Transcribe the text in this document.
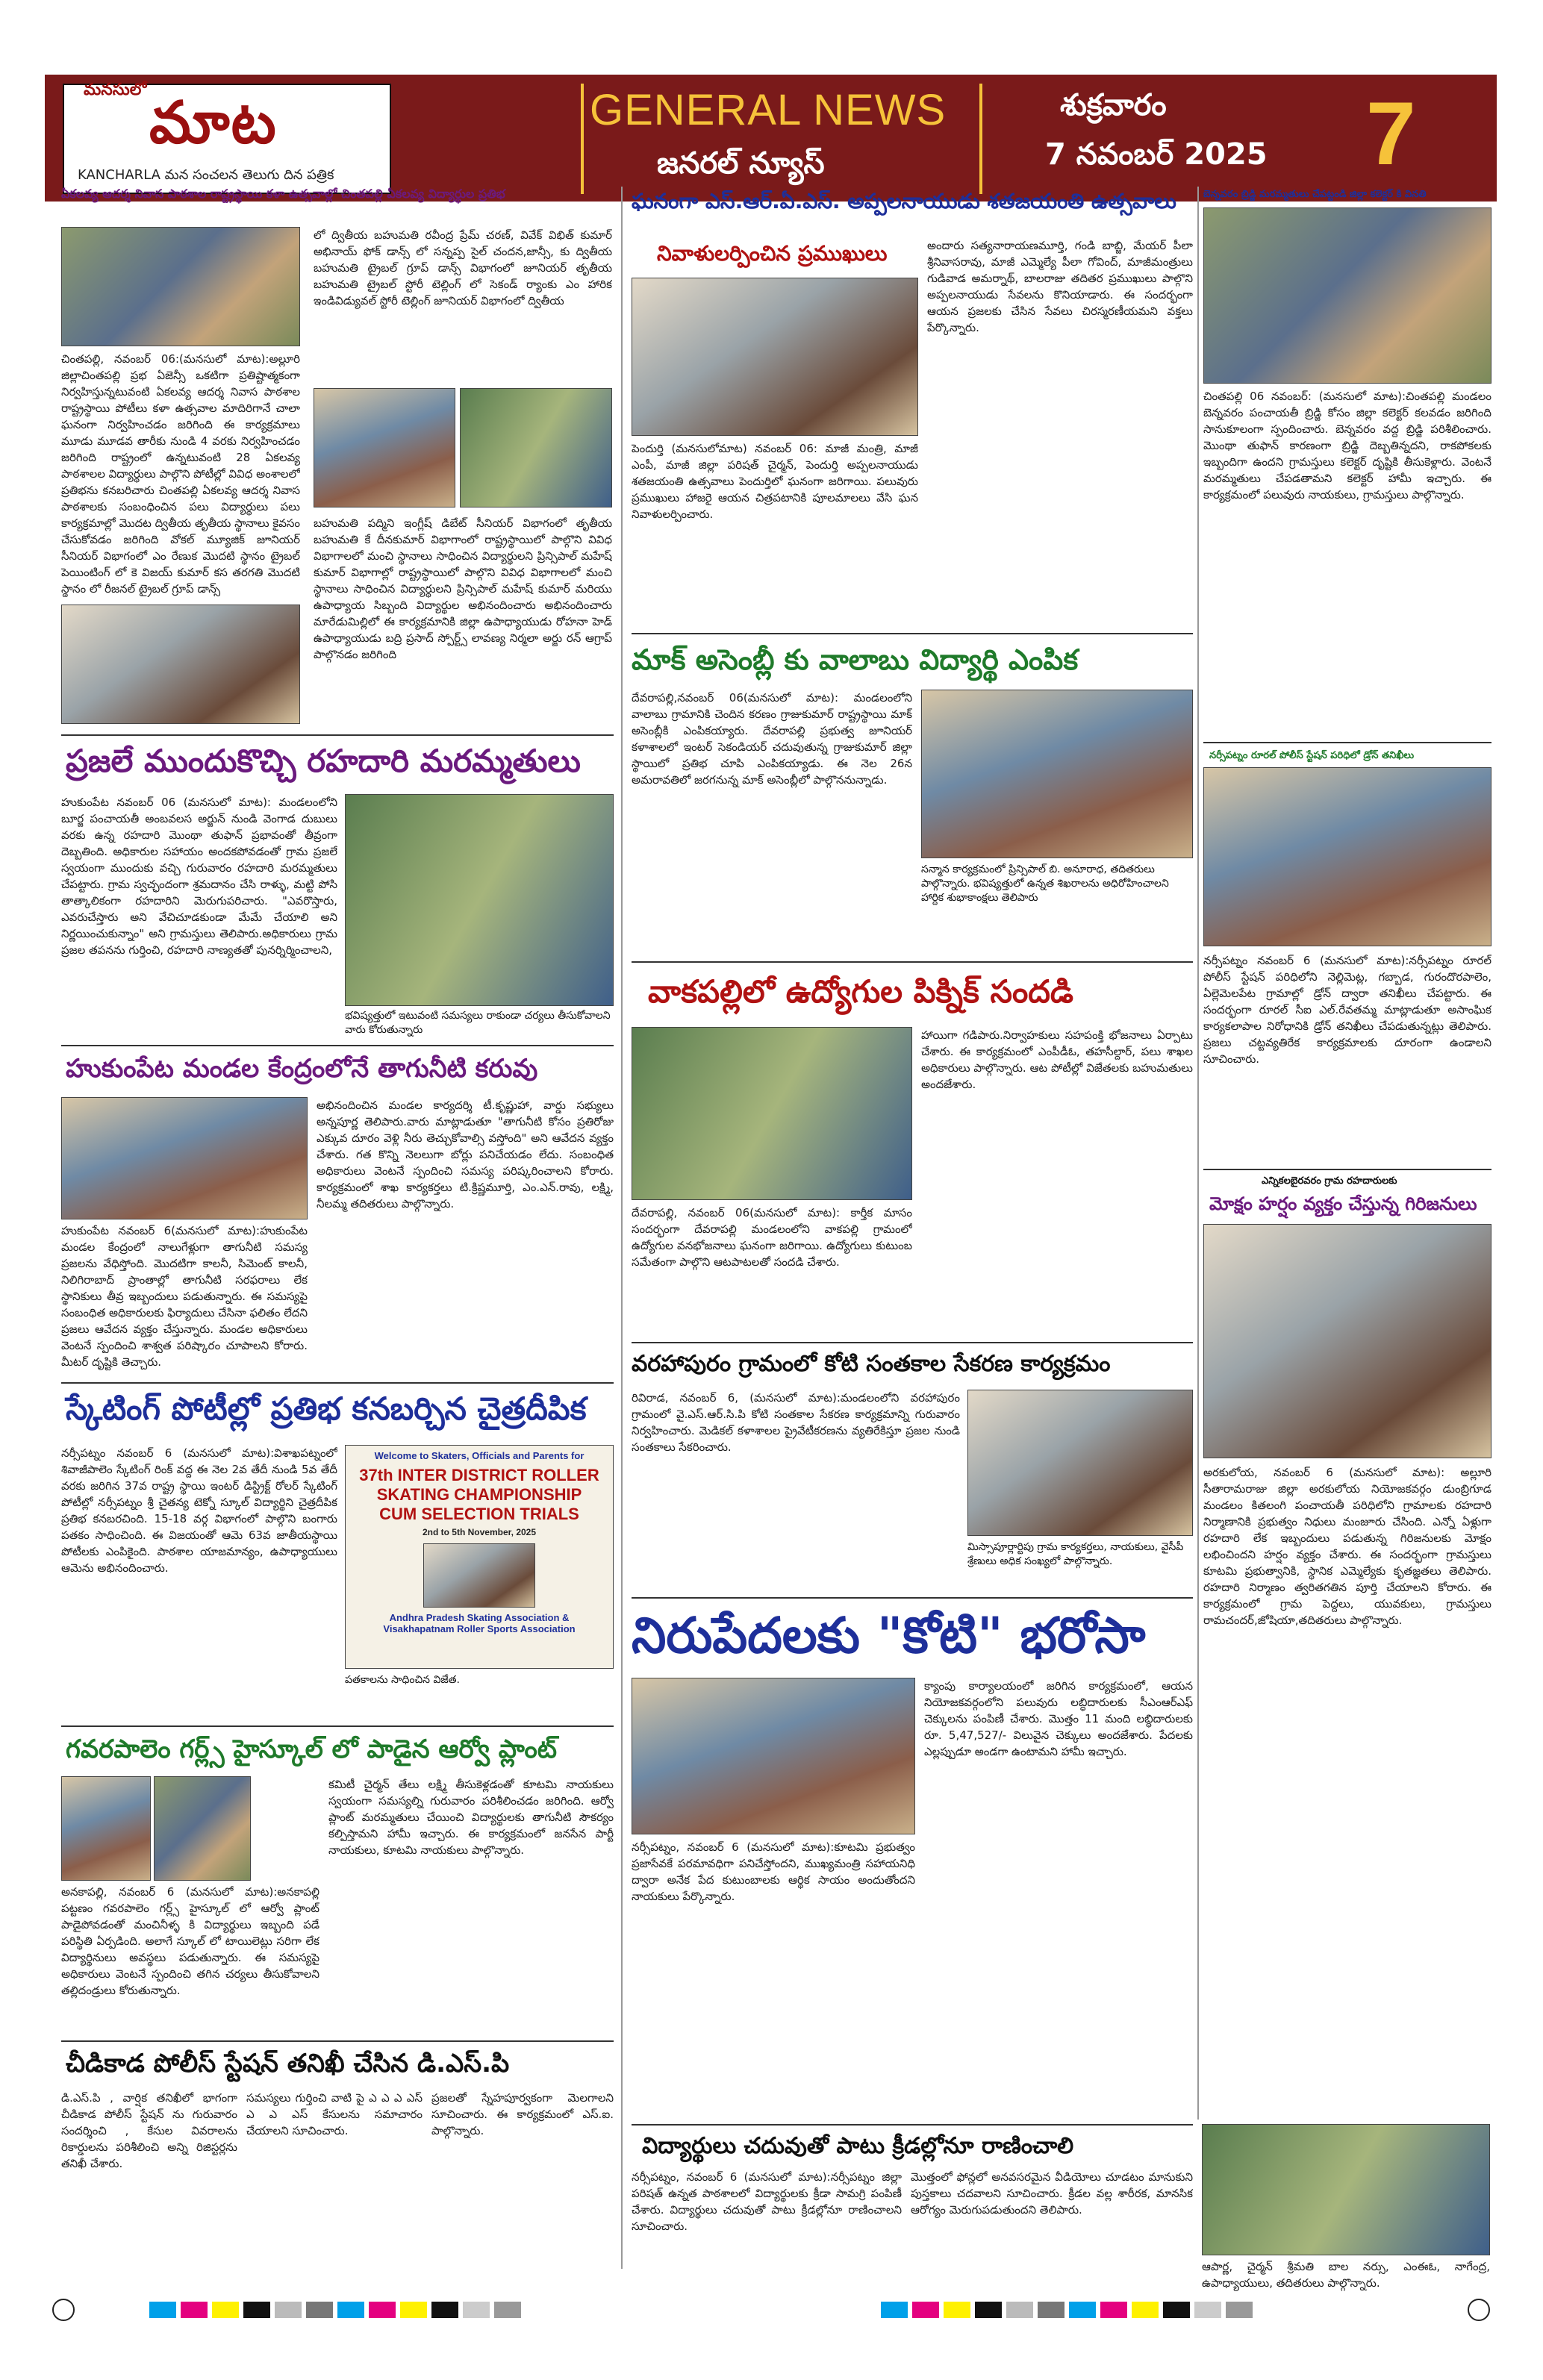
మనసులో మాట
KANCHARLA మన సంచలన తెలుగు దిన పత్రిక
GENERAL NEWS
జనరల్ న్యూస్
శుక్రవారం
7 నవంబర్ 2025 7
ఏకలవ్య ఆదర్శ నివాస పాఠశాల రాష్ట్రస్థాయి కళా ఉత్సవాల్లో చింతపల్లి ఏకలవ్య విద్యార్థుల ప్రతిభ
చింతపల్లి, నవంబర్ 06:(మనసులో మాట):అల్లూరి జిల్లాచింతపల్లి ప్రభ ఏజెన్సీ ఒకటిగా ప్రతిష్టాత్మకంగా నిర్వహిస్తున్నటువంటి ఏకలవ్య ఆదర్శ నివాస పాఠశాల రాష్ట్రస్థాయి పోటీలు కళా ఉత్సవాల మాదిరిగానే చాలా ఘనంగా నిర్వహించడం జరిగింది ఈ కార్యక్రమాలు మూడు మూడవ తారీకు నుండి 4 వరకు నిర్వహించడం జరిగింది రాష్ట్రంలో ఉన్నటువంటి 28 ఏకలవ్య పాఠశాలల విద్యార్థులు పాల్గొని పోటీల్లో వివిధ అంశాలలో ప్రతిభను కనబరిచారు చింతపల్లి ఏకలవ్య ఆదర్శ నివాస పాఠశాలకు సంబంధించిన పలు విద్యార్థులు పలు కార్యక్రమాల్లో మొదట ద్వితీయ తృతీయ స్థానాలు కైవసం చేసుకోవడం జరిగింది వోకల్ మ్యూజిక్ జూనియర్ సీనియర్ విభాగంలో ఎం రేణుక మొదటి స్థానం ట్రైబల్ పెయింటింగ్ లో కె విజయ్ కుమార్ కస తరగతి మొదటి స్థానం లో రీజనల్ ట్రైబల్ గ్రూప్ డాన్స్
లో ద్వితీయ బహుమతి రవీంద్ర ప్రేమ్ చరణ్, వివేక్ విభిత్ కుమార్ అభినాయ్ ఫోక్ డాన్స్ లో సన్నప్ప సైల్ చందన,జాన్సీ, కు ద్వితీయ బహుమతి ట్రైబల్ గ్రూప్ డాన్స్ విభాగంలో జూనియర్ తృతీయ బహుమతి ట్రైబల్ స్టోరీ టెల్లింగ్ లో సెకండ్ ర్యాంకు ఎం హారిక ఇండివిడ్యువల్ స్టోరీ టెల్లింగ్ జూనియర్ విభాగంలో ద్వితీయ
బహుమతి పద్మిని ఇంగ్లీష్ డిబేట్ సీనియర్ విభాగంలో తృతీయ బహుమతి కే దీనకుమార్ విభాగాంలో రాష్ట్రస్థాయిలో పాల్గొని వివిధ విభాగాలలో మంచి స్థానాలు సాధించిన విద్యార్థులని ప్రిన్సిపాల్ మహేష్ కుమార్ విభాగాల్లో రాష్ట్రస్థాయిలో పాల్గొని వివిధ విభాగాలలో మంచి స్థానాలు సాధించిన విద్యార్థులని ప్రిన్సిపాల్ మహేష్ కుమార్ మరియు ఉపాధ్యాయ సిబ్బంది విద్యార్థుల అభినందించారు అభినందించారు మారేడుమిల్లిలో ఈ కార్యక్రమానికి జిల్లా ఉపాధ్యాయుడు రోహనా హెడ్ ఉపాధ్యాయుడు బద్రి ప్రసాద్ స్పోర్ట్స్ లావణ్య నిర్మలా అర్జు రన్ ఆగ్రాప్ పాల్గొనడం జరిగింది
ప్రజలే ముందుకొచ్చి రహదారి మరమ్మతులు
హుకుంపేట నవంబర్ 06 (మనసులో మాట): మండలంలోని బూర్జ పంచాయతీ అంబవలస అర్జున్ నుండి వెంగాడ దుబులు వరకు ఉన్న రహదారి మొంథా తుఫాన్ ప్రభావంతో తీవ్రంగా దెబ్బతింది. అధికారుల సహాయం అందకపోవడంతో గ్రామ ప్రజలే స్వయంగా ముందుకు వచ్చి గురువారం రహదారి మరమ్మతులు చేపట్టారు. గ్రామ స్వచ్ఛందంగా శ్రమదానం చేసి రాళ్ళు, మట్టి పోసి తాత్కాలికంగా రహదారిని మెరుగుపరిచారు. "ఎవరొస్తారు, ఎవరుచేస్తారు అని వేచిచూడకుండా మేమే చేయాలి అని నిర్ణయించుకున్నాం" అని గ్రామస్తులు తెలిపారు.అధికారులు గ్రామ ప్రజల తపనను గుర్తించి, రహదారి నాణ్యతతో పునర్నిర్మించాలని,
భవిష్యత్తులో ఇటువంటి సమస్యలు రాకుండా చర్యలు తీసుకోవాలని వారు కోరుతున్నారు
హుకుంపేట మండల కేంద్రంలోనే తాగునీటి కరువు
హుకుంపేట నవంబర్ 6(మనసులో మాట):హుకుంపేట మండల కేంద్రంలో నాలుగేళ్లుగా తాగునీటి సమస్య ప్రజలను వేధిస్తోంది. మొదటిగా కాలనీ, సిమెంట్ కాలనీ, నిలిగిరాబాద్ ప్రాంతాల్లో తాగునీటి సరఫరాలు లేక స్థానికులు తీవ్ర ఇబ్బందులు పడుతున్నారు. ఈ సమస్యపై సంబంధిత అధికారులకు ఫిర్యాదులు చేసినా ఫలితం లేదని ప్రజలు ఆవేదన వ్యక్తం చేస్తున్నారు. మండల అధికారులు వెంటనే స్పందించి శాశ్వత పరిష్కారం చూపాలని కోరారు. మీటర్ దృష్టికి తెచ్చారు.
అభినందించిన మండల కార్యదర్శి టీ.కృష్ణుహా, వార్డు సభ్యులు అన్నపూర్ణ తెలిపారు.వారు మాట్లాడుతూ "తాగునీటి కోసం ప్రతిరోజు ఎక్కువ దూరం వెళ్లి నీరు తెచ్చుకోవాల్సి వస్తోంది" అని ఆవేదన వ్యక్తం చేశారు. గత కొన్ని నెలలుగా బోర్లు పనిచేయడం లేదు. సంబంధిత అధికారులు వెంటనే స్పందించి సమస్య పరిష్కరించాలని కోరారు. కార్యక్రమంలో శాఖ కార్యకర్తలు టి.క్రిష్ణమూర్తి, ఎం.ఎన్.రావు, లక్ష్మి, నీలమ్మ తదితరులు పాల్గొన్నారు.
స్కేటింగ్ పోటీల్లో ప్రతిభ కనబర్చిన చైత్రదీపిక
నర్సీపట్నం నవంబర్ 6 (మనసులో మాట):విశాఖపట్నంలో శివాజీపాలెం స్కేటింగ్ రింక్ వద్ద ఈ నెల 2వ తేదీ నుండి 5వ తేదీ వరకు జరిగిన 37వ రాష్ట్ర స్థాయి ఇంటర్ డిస్ట్రిక్ట్ రోలర్ స్కేటింగ్ పోటీల్లో నర్సీపట్నం శ్రీ చైతన్య టెక్నో స్కూల్ విద్యార్థిని చైత్రదీపిక ప్రతిభ కనబరచింది. 15-18 వర్గ విభాగంలో పాల్గొని బంగారు పతకం సాధించింది. ఈ విజయంతో ఆమె 63వ జాతీయస్థాయి పోటీలకు ఎంపికైంది. పాఠశాల యాజమాన్యం, ఉపాధ్యాయులు ఆమెను అభినందించారు.
Welcome to Skaters, Officials and Parents for
37th INTER DISTRICT ROLLER
SKATING CHAMPIONSHIP
CUM SELECTION TRIALS
2nd to 5th November, 2025
Andhra Pradesh Skating Association &
Visakhapatnam Roller Sports Association
పతకాలను సాధించిన విజేత.
గవరపాలెం గర్ల్స్ హైస్కూల్ లో పాడైన ఆర్వో ప్లాంట్
అనకాపల్లి, నవంబర్ 6 (మనసులో మాట):అనకాపల్లి పట్టణం గవరపాలెం గర్ల్స్ హైస్కూల్ లో ఆర్వో ప్లాంట్ పాడైపోవడంతో మంచినీళ్ళ కి విద్యార్థులు ఇబ్బంది పడే పరిస్థితి ఏర్పడింది. అలాగే స్కూల్ లో టాయిలెట్లు సరిగా లేక విద్యార్థినులు అవస్థలు పడుతున్నారు. ఈ సమస్యపై అధికారులు వెంటనే స్పందించి తగిన చర్యలు తీసుకోవాలని తల్లిదండ్రులు కోరుతున్నారు.
కమిటీ చైర్మన్ తేలు లక్ష్మి తీసుకెళ్లడంతో కూటమి నాయకులు స్వయంగా సమస్యల్ని గురువారం పరిశీలించడం జరిగింది. ఆర్వో ప్లాంట్ మరమ్మతులు చేయించి విద్యార్థులకు తాగునీటి సౌకర్యం కల్పిస్తామని హామీ ఇచ్చారు. ఈ కార్యక్రమంలో జనసేన పార్టీ నాయకులు, కూటమి నాయకులు పాల్గొన్నారు.
చీడికాడ పోలీస్ స్టేషన్ తనిఖీ చేసిన డి.ఎస్.పి
డి.ఎస్.పి , వార్షిక తనిఖీలో భాగంగా చీడికాడ పోలీస్ స్టేషన్ ను గురువారం సందర్శించి , కేసుల వివరాలను రికార్డులను పరిశీలించి అన్ని రిజిస్టర్లను తనిఖీ చేశారు.
సమస్యలు గుర్తించి వాటి పై ఎ ఎ ఎ ఎస్ ఎ ఎ ఎస్ కేసులను సమాచారం చేయాలని సూచించారు.
ప్రజలతో స్నేహపూర్వకంగా మెలగాలని సూచించారు. ఈ కార్యక్రమంలో ఎస్.ఐ. పాల్గొన్నారు.
ఘనంగా ఎస్.ఆర్.ఏ.ఎస్. అప్పలనాయుడు శతజయంతి ఉత్సవాలు
నివాళులర్పించిన ప్రముఖులు
పెందుర్తి (మనసులోమాట) నవంబర్ 06: మాజీ మంత్రి, మాజీ ఎంపీ, మాజీ జిల్లా పరిషత్ చైర్మన్, పెందుర్తి అప్పలనాయుడు శతజయంతి ఉత్సవాలు పెందుర్తిలో ఘనంగా జరిగాయి. పలువురు ప్రముఖులు హాజరై ఆయన చిత్రపటానికి పూలమాలలు వేసి ఘన నివాళులర్పించారు.
అందారు సత్యనారాయణమూర్తి, గండి బాబ్జి, మేయర్ పీలా శ్రీనివాసరావు, మాజీ ఎమ్మెల్యే పీలా గోవింద్, మాజీమంత్రులు గుడివాడ అమర్నాథ్, బాలరాజు తదితర ప్రముఖులు పాల్గొని అప్పలనాయుడు సేవలను కొనియాడారు. ఈ సందర్భంగా ఆయన ప్రజలకు చేసిన సేవలు చిరస్మరణీయమని వక్తలు పేర్కొన్నారు.
మాక్ అసెంబ్లీ కు వాలాబు విద్యార్థి ఎంపిక
దేవరాపల్లి,నవంబర్ 06(మనసులో మాట): మండలంలోని వాలాబు గ్రామానికి చెందిన కరణం గ్రాజుకుమార్ రాష్ట్రస్థాయి మాక్ అసెంబ్లీకి ఎంపికయ్యారు. దేవరాపల్లి ప్రభుత్వ జూనియర్ కళాశాలలో ఇంటర్ సెకండియర్ చదువుతున్న గ్రాజుకుమార్ జిల్లా స్థాయిలో ప్రతిభ చూపి ఎంపికయ్యాడు. ఈ నెల 26న అమరావతిలో జరగనున్న మాక్ అసెంబ్లీలో పాల్గొననున్నాడు.
సన్మాన కార్యక్రమంలో ప్రిన్సిపాల్ బి. అనూరాధ, తదితరులు పాల్గొన్నారు. భవిష్యత్తులో ఉన్నత శిఖరాలను అధిరోహించాలని హార్దిక శుభాకాంక్షలు తెలిపారు
వాకపల్లిలో ఉద్యోగుల పిక్నిక్ సందడి
దేవరాపల్లి, నవంబర్ 06(మనసులో మాట): కార్తీక మాసం సందర్భంగా దేవరాపల్లి మండలంలోని వాకపల్లి గ్రామంలో ఉద్యోగుల వనభోజనాలు ఘనంగా జరిగాయి. ఉద్యోగులు కుటుంబ సమేతంగా పాల్గొని ఆటపాటలతో సందడి చేశారు.
హాయిగా గడిపారు.నిర్వాహకులు సహపంక్తి భోజనాలు ఏర్పాటు చేశారు. ఈ కార్యక్రమంలో ఎంపీడీఓ, తహసీల్దార్, పలు శాఖల అధికారులు పాల్గొన్నారు. ఆట పోటీల్లో విజేతలకు బహుమతులు అందజేశారు.
వరహాపురం గ్రామంలో కోటి సంతకాల సేకరణ కార్యక్రమం
రివిరాడ, నవంబర్ 6, (మనసులో మాట):మండలంలోని వరహాపురం గ్రామంలో వై.ఎస్.ఆర్.సి.పి కోటి సంతకాల సేకరణ కార్యక్రమాన్ని గురువారం నిర్వహించారు. మెడికల్ కళాశాలల ప్రైవేటీకరణను వ్యతిరేకిస్తూ ప్రజల నుండి సంతకాలు సేకరించారు.
మిస్సాపూర్లార్టిపు గ్రామ కార్యకర్తలు, నాయకులు, వైసీపీ శ్రేణులు అధిక సంఖ్యలో పాల్గొన్నారు.
నిరుపేదలకు "కోటి" భరోసా
నర్సీపట్నం, నవంబర్ 6 (మనసులో మాట):కూటమి ప్రభుత్వం ప్రజాసేవకే పరమావధిగా పనిచేస్తోందని, ముఖ్యమంత్రి సహాయనిధి ద్వారా అనేక పేద కుటుంబాలకు ఆర్థిక సాయం అందుతోందని నాయకులు పేర్కొన్నారు.
క్యాంపు కార్యాలయంలో జరిగిన కార్యక్రమంలో, ఆయన నియోజకవర్గంలోని పలువురు లబ్ధిదారులకు సీఎంఆర్ఎఫ్ చెక్కులను పంపిణీ చేశారు. మొత్తం 11 మంది లబ్ధిదారులకు రూ. 5,47,527/- విలువైన చెక్కులు అందజేశారు. పేదలకు ఎల్లప్పుడూ అండగా ఉంటామని హామీ ఇచ్చారు.
విద్యార్థులు చదువుతో పాటు క్రీడల్లోనూ రాణించాలి
నర్సీపట్నం, నవంబర్ 6 (మనసులో మాట):నర్సీపట్నం జిల్లా పరిషత్ ఉన్నత పాఠశాలలో విద్యార్థులకు క్రీడా సామగ్రి పంపిణీ చేశారు. విద్యార్థులు చదువుతో పాటు క్రీడల్లోనూ రాణించాలని సూచించారు.
మొత్తంలో ఫోన్లలో అనవసరమైన వీడియోలు చూడటం మానుకుని పుస్తకాలు చదవాలని సూచించారు. క్రీడల వల్ల శారీరక, మానసిక ఆరోగ్యం మెరుగుపడుతుందని తెలిపారు.
ఆపార్ణ, చైర్మన్ శ్రీమతి బాల నర్సు, ఎంఈఓ, నాగేంద్ర, ఉపాధ్యాయులు, తదితరులు పాల్గొన్నారు.
బెన్నవరం బ్రిడ్జి మరమ్మతులు చేపట్టండి జిల్లా కలెక్టర్ కి వినతి
చింతపల్లి 06 నవంబర్: (మనసులో మాట):చింతపల్లి మండలం బెన్నవరం పంచాయతీ బ్రిడ్జి కోసం జిల్లా కలెక్టర్ కలవడం జరిగింది సానుకూలంగా స్పందించారు. బెన్నవరం వద్ద బ్రిడ్జి పరిశీలించారు. మొంథా తుఫాన్ కారణంగా బ్రిడ్జి దెబ్బతిన్నదని, రాకపోకలకు ఇబ్బందిగా ఉందని గ్రామస్తులు కలెక్టర్ దృష్టికి తీసుకెళ్లారు. వెంటనే మరమ్మతులు చేపడతామని కలెక్టర్ హామీ ఇచ్చారు. ఈ కార్యక్రమంలో పలువురు నాయకులు, గ్రామస్తులు పాల్గొన్నారు.
నర్సీపట్నం రూరల్ పోలీస్ స్టేషన్ పరిధిలో డ్రోన్ తనిఖీలు
నర్సీపట్నం నవంబర్ 6 (మనసులో మాట):నర్సీపట్నం రూరల్ పోలీస్ స్టేషన్ పరిధిలోని నెల్లిమెట్ల, గబ్బాడ, గురందొరపాలెం, ఏల్లెమెలపేట గ్రామాల్లో డ్రోన్ ద్వారా తనిఖీలు చేపట్టారు. ఈ సందర్భంగా రూరల్ సీఐ ఎల్.రేవతమ్మ మాట్లాడుతూ అసాంఘిక కార్యకలాపాల నిరోధానికి డ్రోన్ తనిఖీలు చేపడుతున్నట్లు తెలిపారు. ప్రజలు చట్టవ్యతిరేక కార్యక్రమాలకు దూరంగా ఉండాలని సూచించారు.
ఎన్నికలబైరవరం గ్రామ రహదారులకు
మోక్షం హర్షం వ్యక్తం చేస్తున్న గిరిజనులు
అరకులోయ, నవంబర్ 6 (మనసులో మాట): అల్లూరి సీతారామరాజు జిల్లా అరకులోయ నియోజకవర్గం డుంబ్రిగూడ మండలం కితలంగి పంచాయతీ పరిధిలోని గ్రామాలకు రహదారి నిర్మాణానికి ప్రభుత్వం నిధులు మంజూరు చేసింది. ఎన్నో ఏళ్లుగా రహదారి లేక ఇబ్బందులు పడుతున్న గిరిజనులకు మోక్షం లభించిందని హర్షం వ్యక్తం చేశారు. ఈ సందర్భంగా గ్రామస్తులు కూటమి ప్రభుత్వానికి, స్థానిక ఎమ్మెల్యేకు కృతజ్ఞతలు తెలిపారు. రహదారి నిర్మాణం త్వరితగతిన పూర్తి చేయాలని కోరారు. ఈ కార్యక్రమంలో గ్రామ పెద్దలు, యువకులు, గ్రామస్తులు రామచందర్,జోషియా,తదితరులు పాల్గొన్నారు.
